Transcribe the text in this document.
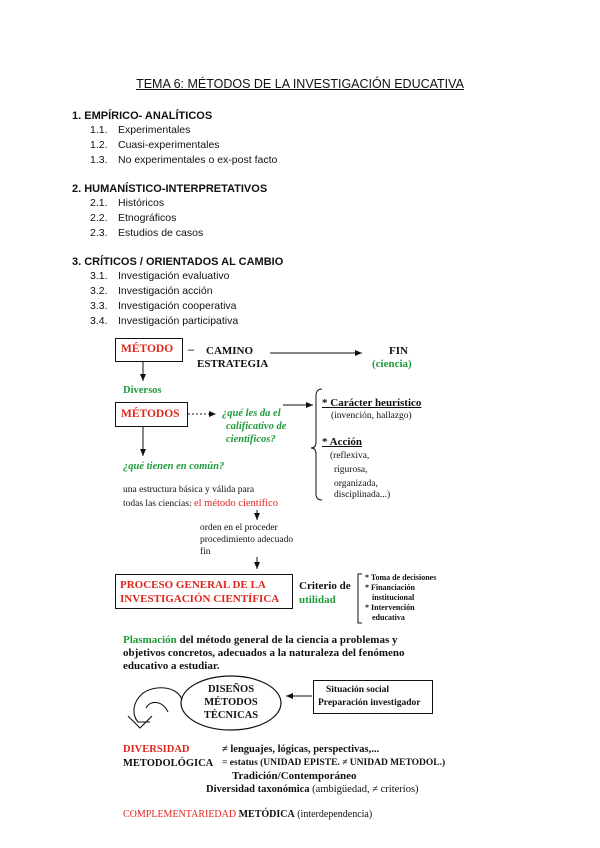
TEMA 6: MÉTODOS DE LA INVESTIGACIÓN EDUCATIVA
1. EMPÍRICO- ANALÍTICOS
1.1. Experimentales
1.2. Cuasi-experimentales
1.3. No experimentales o ex-post facto
2. HUMANÍSTICO-INTERPRETATIVOS
2.1. Históricos
2.2. Etnográficos
2.3. Estudios de casos
3. CRÍTICOS / ORIENTADOS AL CAMBIO
3.1. Investigación evaluativo
3.2. Investigación acción
3.3. Investigación cooperativa
3.4. Investigación participativa
MÉTODO – CAMINO
ESTRATEGIA
FIN
(ciencia)
Diversos
MÉTODOS	¿qué les da el
calificativo de
científicos?
* Carácter heurístico
(invención, hallazgo)
* Acción
(reflexiva,
rigurosa,
organizada,
disciplinada...)
¿qué tienen en común?
una estructura básica y válida para
todas las ciencias: el método científico
orden en el proceder
procedimiento adecuado
fin
PROCESO GENERAL DE LA
INVESTIGACIÓN CIENTÍFICA
Criterio de
utilidad
* Toma de decisiones
* Financiación
institucional
* Intervención
educativa
Plasmación del método general de la ciencia a problemas y
objetivos concretos, adecuados a la naturaleza del fenómeno
educativo a estudiar.
DISEÑOS
MÉTODOS
TÉCNICAS
Situación social
Preparación investigador
DIVERSIDAD	≠ lenguajes, lógicas, perspectivas,...
METODOLÓGICA = estatus (UNIDAD EPISTE. ≠ UNIDAD METODOL.)
Tradición/Contemporáneo
Diversidad taxonómica (ambigüedad, ≠ criterios)
COMPLEMENTARIEDAD METÓDICA (interdependencia)
